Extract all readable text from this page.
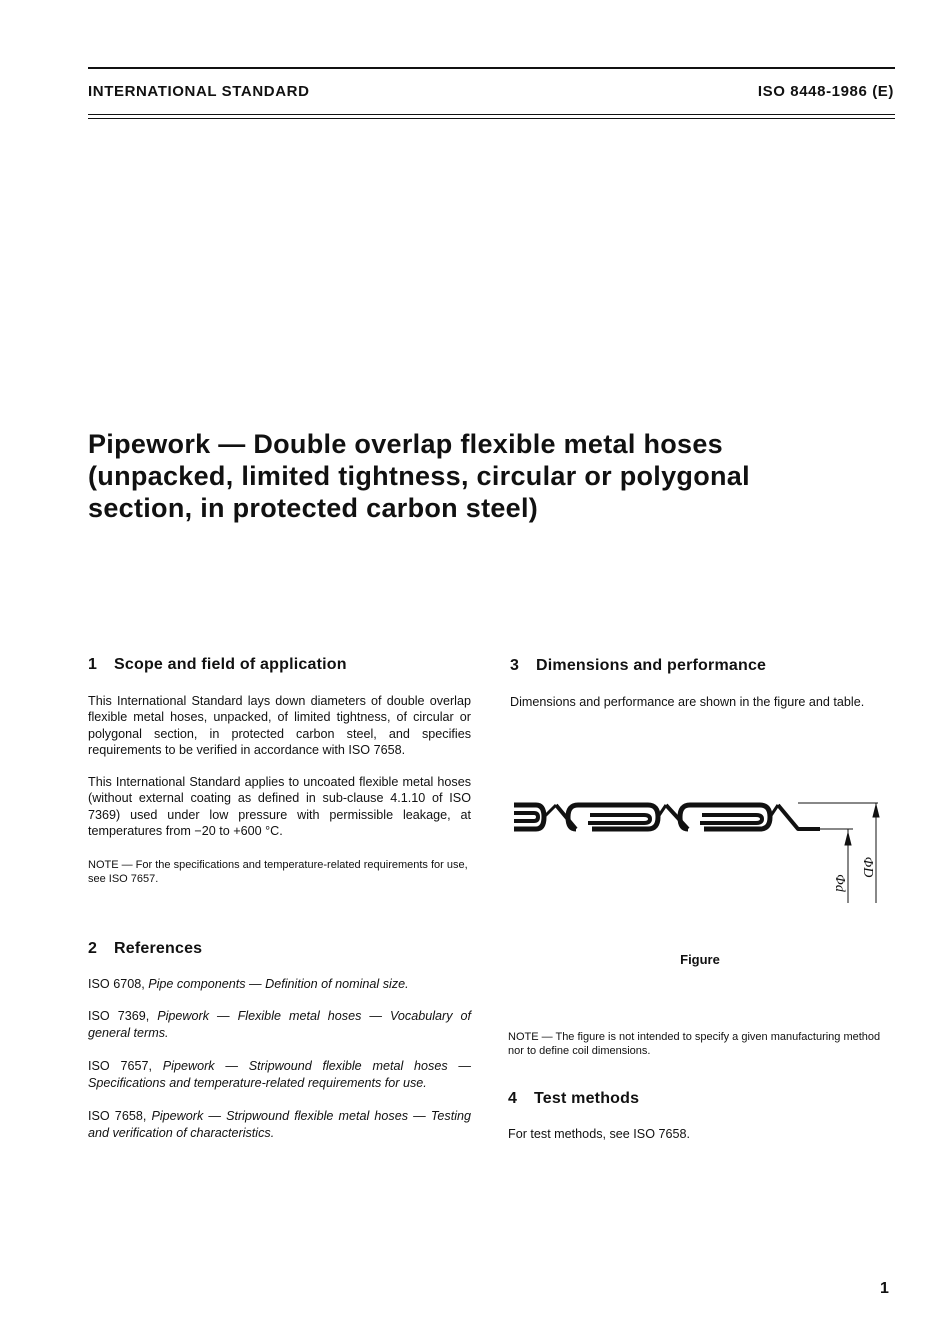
INTERNATIONAL STANDARD	ISO 8448-1986 (E)
Pipework — Double overlap flexible metal hoses
(unpacked, limited tightness, circular or polygonal
section, in protected carbon steel)
1 Scope and field of application

This International Standard lays down diameters of double overlap flexible metal hoses, unpacked, of limited tightness, of circular or polygonal section, in protected carbon steel, and specifies requirements to be verified in accordance with ISO 7658.

This International Standard applies to uncoated flexible metal hoses (without external coating as defined in sub-clause 4.1.10 of ISO 7369) used under low pressure with permissible leakage, at temperatures from −20 to +600 °C.

NOTE — For the specifications and temperature-related requirements for use, see ISO 7657.

2 References

ISO 6708, Pipe components — Definition of nominal size.

ISO 7369, Pipework — Flexible metal hoses — Vocabulary of general terms.

ISO 7657, Pipework — Stripwound flexible metal hoses — Specifications and temperature-related requirements for use.

ISO 7658, Pipework — Stripwound flexible metal hoses — Testing and verification of characteristics.

3 Dimensions and performance

Dimensions and performance are shown in the figure and table.

ΦD
Φd
Figure

NOTE — The figure is not intended to specify a given manufacturing method nor to define coil dimensions.

4 Test methods

For test methods, see ISO 7658.

1
